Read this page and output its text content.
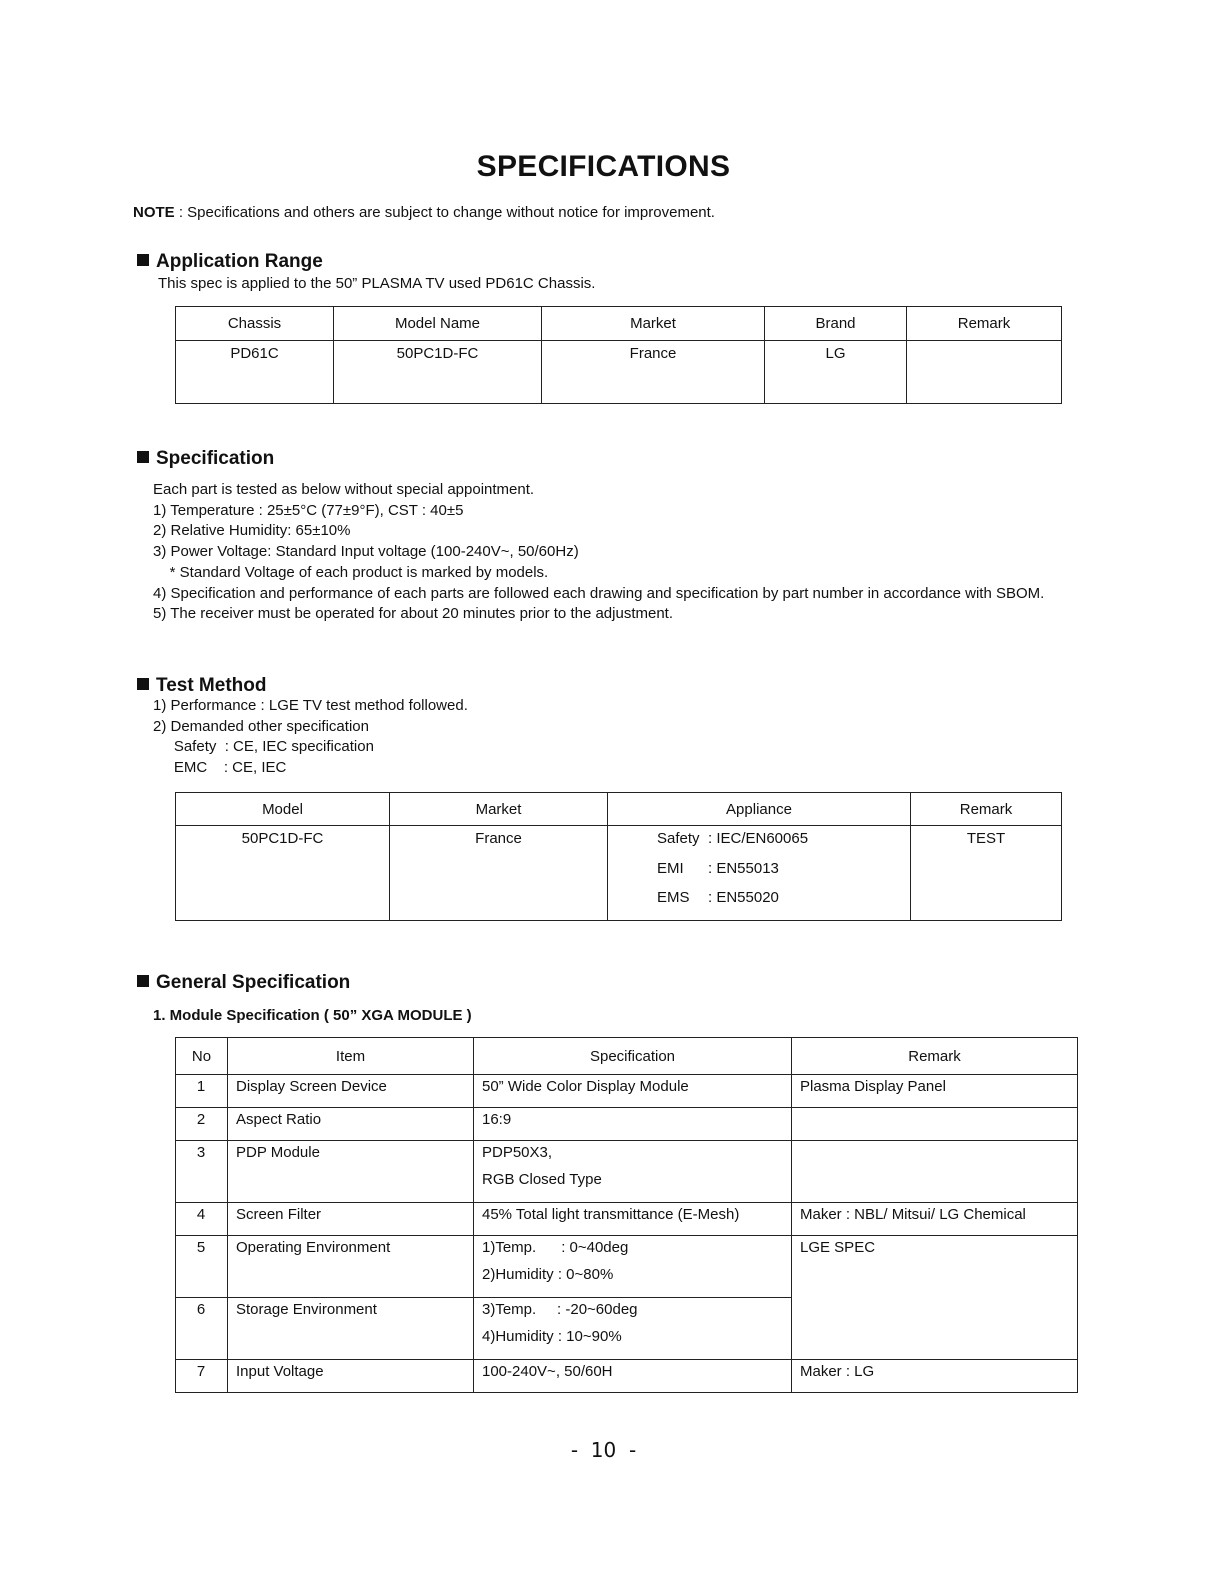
SPECIFICATIONS
NOTE : Specifications and others are subject to change without notice for improvement.
Application Range
This spec is applied to the 50” PLASMA TV used PD61C Chassis.
Chassis	Model Name	Market	Brand	Remark
PD61C	50PC1D-FC	France	LG	
Specification
Each part is tested as below without special appointment.
1) Temperature : 25±5°C (77±9°F), CST : 40±5
2) Relative Humidity: 65±10%
3) Power Voltage: Standard Input voltage (100-240V~, 50/60Hz)
* Standard Voltage of each product is marked by models.
4) Specification and performance of each parts are followed each drawing and specification by part number in accordance with SBOM.
5) The receiver must be operated for about 20 minutes prior to the adjustment.
Test Method
1) Performance : LGE TV test method followed.
2) Demanded other specification
Safety  : CE, IEC specification
EMC    : CE, IEC
Model	Market	Appliance	Remark
50PC1D-FC	France	Safety : IEC/EN60065
EMI : EN55013
EMS : EN55020	TEST
General Specification
1. Module Specification ( 50” XGA MODULE )
No	Item	Specification	Remark
1	Display Screen Device	50” Wide Color Display Module	Plasma Display Panel
2	Aspect Ratio	16:9	
3	PDP Module	PDP50X3,
RGB Closed Type	

4	Screen Filter	45% Total light transmittance (E-Mesh)	Maker : NBL/ Mitsui/ LG Chemical
5	Operating Environment	1)Temp.      : 0~40deg
2)Humidity : 0~80%	LGE SPEC
6	Storage Environment	3)Temp.     : -20~60deg
4)Humidity : 10~90%	

7	Input Voltage	100-240V~, 50/60H	Maker : LG
-  10  -
